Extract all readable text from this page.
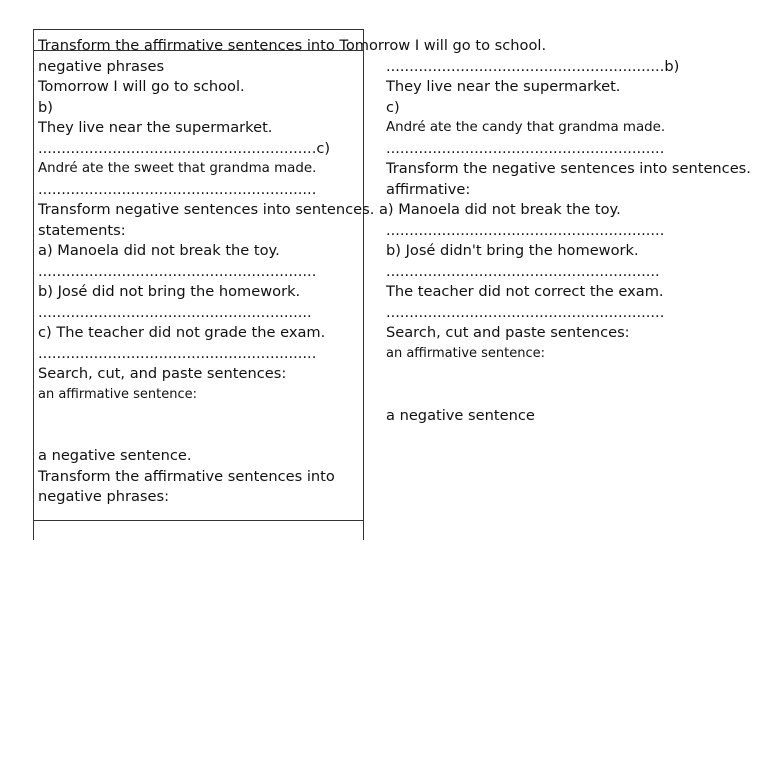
Transform the affirmative sentences into Tomorrow I will go to school.
negative phrases
Tomorrow I will go to school.
b)
They live near the supermarket.
............................................................c)
André ate the sweet that grandma made.
............................................................
Transform negative sentences into sentences. a) Manoela did not break the toy.
statements:
a) Manoela did not break the toy.
............................................................
b) José did not bring the homework.
...........................................................
c) The teacher did not grade the exam.
............................................................
Search, cut, and paste sentences:
an affirmative sentence:
a negative sentence.
Transform the affirmative sentences into
negative phrases:
............................................................b)
They live near the supermarket.
c)
André ate the candy that grandma made.
............................................................
Transform the negative sentences into sentences.
affirmative:
............................................................
b) José didn't bring the homework.
...........................................................
The teacher did not correct the exam.
............................................................
Search, cut and paste sentences:
an affirmative sentence:
a negative sentence
